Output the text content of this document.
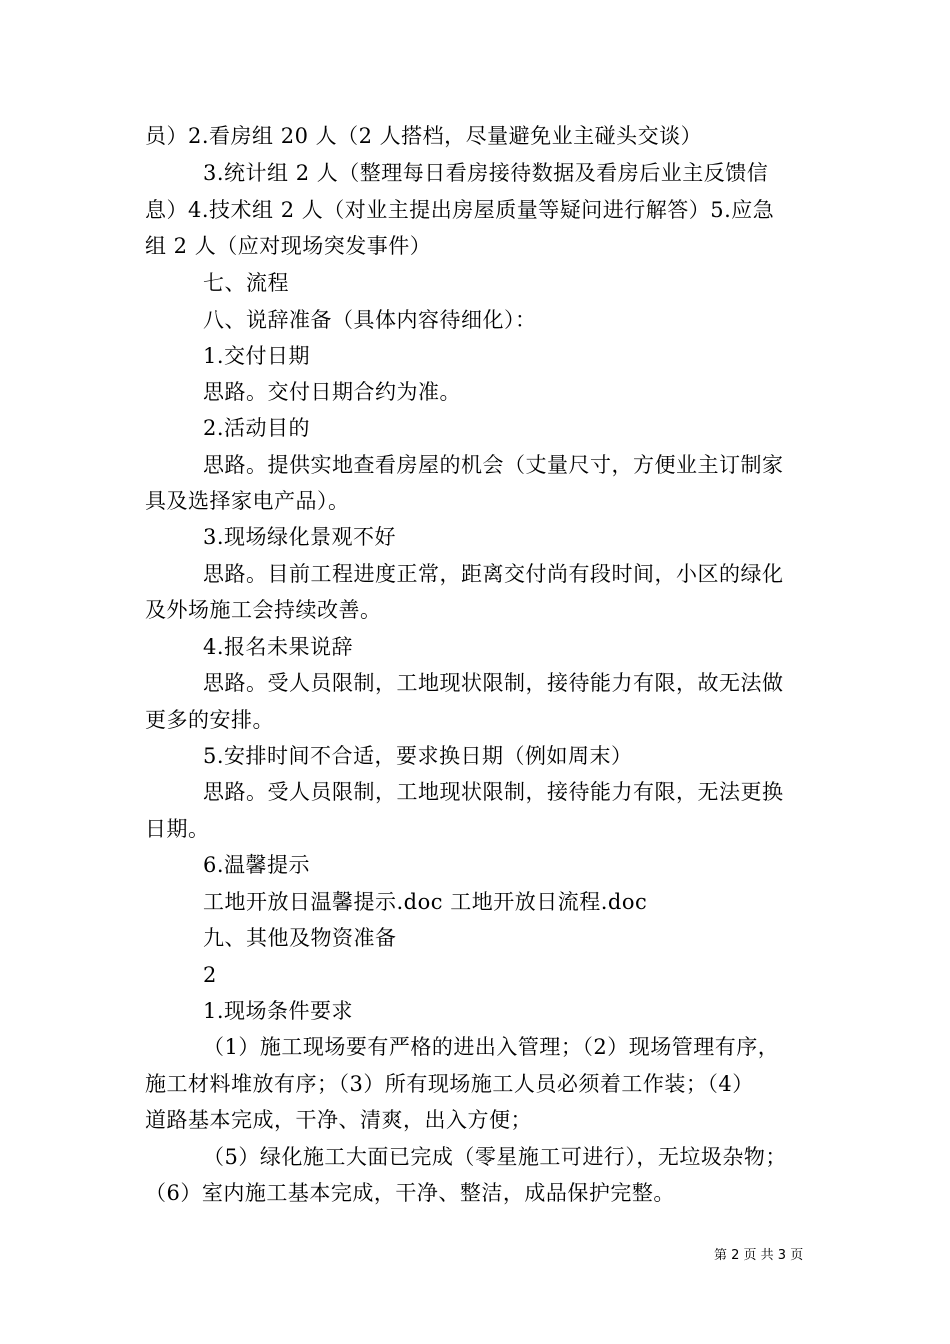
员）2.看房组 20 人（2 人搭档，尽量避免业主碰头交谈）
3.统计组 2 人（整理每日看房接待数据及看房后业主反馈信
息）4.技术组 2 人（对业主提出房屋质量等疑问进行解答）5.应急
组 2 人（应对现场突发事件）
七、流程
八、说辞准备（具体内容待细化）：
1.交付日期
思路。交付日期合约为准。
2.活动目的
思路。提供实地查看房屋的机会（丈量尺寸，方便业主订制家
具及选择家电产品）。
3.现场绿化景观不好
思路。目前工程进度正常，距离交付尚有段时间，小区的绿化
及外场施工会持续改善。
4.报名未果说辞
思路。受人员限制，工地现状限制，接待能力有限，故无法做
更多的安排。
5.安排时间不合适，要求换日期（例如周末）
思路。受人员限制，工地现状限制，接待能力有限，无法更换
日期。
6.温馨提示
工地开放日温馨提示.doc 工地开放日流程.doc
九、其他及物资准备
2
1.现场条件要求
（1）施工现场要有严格的进出入管理；（2）现场管理有序，
施工材料堆放有序；（3）所有现场施工人员必须着工作装；（4）
道路基本完成，干净、清爽，出入方便；
（5）绿化施工大面已完成（零星施工可进行），无垃圾杂物；
（6）室内施工基本完成，干净、整洁，成品保护完整。
第 2 页 共 3 页
